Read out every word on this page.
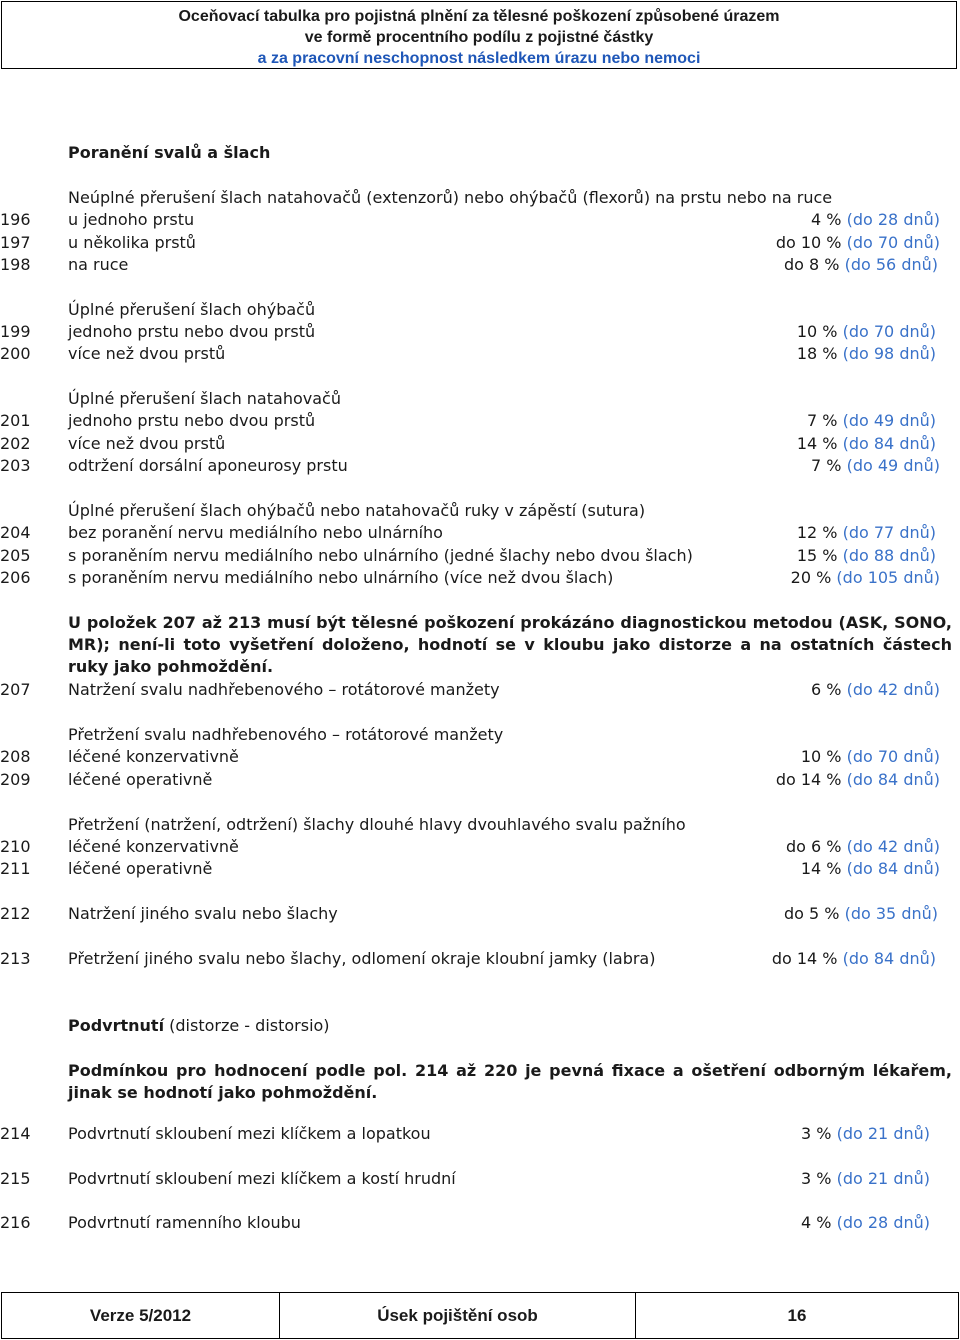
Oceňovací tabulka pro pojistná plnění za tělesné poškození způsobené úrazem
ve formě procentního podílu z pojistné částky
a za pracovní neschopnost následkem úrazu nebo nemoci
Poranění svalů a šlach
Neúplné přerušení šlach natahovačů (extenzorů) nebo ohýbačů (flexorů) na prstu nebo na ruce
196 u jednoho prstu	4 % (do 28 dnů)
197 u několika prstů	do 10 % (do 70 dnů)
198 na ruce	do 8 % (do 56 dnů)
Úplné přerušení šlach ohýbačů
199 jednoho prstu nebo dvou prstů	10 % (do 70 dnů)
200 více než dvou prstů	18 % (do 98 dnů)
Úplné přerušení šlach natahovačů
201 jednoho prstu nebo dvou prstů	7 % (do 49 dnů)
202 více než dvou prstů	14 % (do 84 dnů)
203 odtržení dorsální aponeurosy prstu	7 % (do 49 dnů)
Úplné přerušení šlach ohýbačů nebo natahovačů ruky v zápěstí (sutura)
204 bez poranění nervu mediálního nebo ulnárního	12 % (do 77 dnů)
205 s poraněním nervu mediálního nebo ulnárního (jedné šlachy nebo dvou šlach)	15 % (do 88 dnů)
206 s poraněním nervu mediálního nebo ulnárního (více než dvou šlach)	20 % (do 105 dnů)
U položek 207 až 213 musí být tělesné poškození prokázáno diagnostickou metodou (ASK, SONO, MR); není-li toto vyšetření doloženo, hodnotí se v kloubu jako distorze a na ostatních částech ruky jako pohmoždění.
207 Natržení svalu nadhřebenového – rotátorové manžety	6 % (do 42 dnů)
Přetržení svalu nadhřebenového – rotátorové manžety
208 léčené konzervativně	10 % (do 70 dnů)
209 léčené operativně	do 14 % (do 84 dnů)
Přetržení (natržení, odtržení) šlachy dlouhé hlavy dvouhlavého svalu pažního
210 léčené konzervativně	do 6 % (do 42 dnů)
211 léčené operativně	14 % (do 84 dnů)
212 Natržení jiného svalu nebo šlachy	do 5 % (do 35 dnů)
213 Přetržení jiného svalu nebo šlachy, odlomení okraje kloubní jamky (labra)	do 14 % (do 84 dnů)
Podvrtnutí (distorze - distorsio)
Podmínkou pro hodnocení podle pol. 214 až 220 je pevná fixace a ošetření odborným lékařem, jinak se hodnotí jako pohmoždění.
214 Podvrtnutí skloubení mezi klíčkem a lopatkou	3 % (do 21 dnů)
215 Podvrtnutí skloubení mezi klíčkem a kostí hrudní	3 % (do 21 dnů)
216 Podvrtnutí ramenního kloubu	4 % (do 28 dnů)
Verze 5/2012	Úsek pojištění osob	16
